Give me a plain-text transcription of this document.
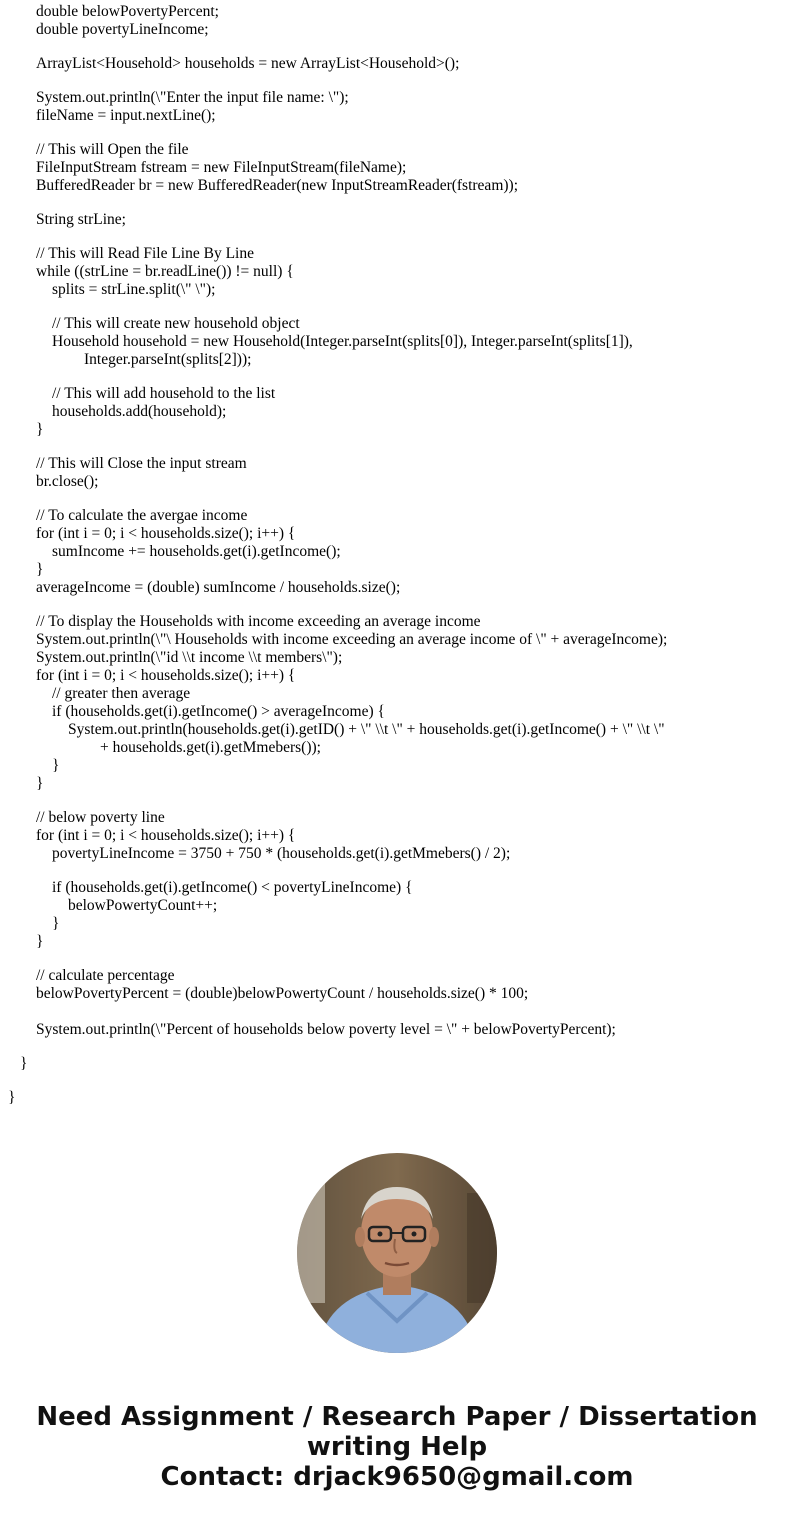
double belowPovertyPercent;

double povertyLineIncome;

ArrayList<Household> households = new ArrayList<Household>();

System.out.println(\"Enter the input file name: \");

fileName = input.nextLine();

// This will Open the file

FileInputStream fstream = new FileInputStream(fileName);

BufferedReader br = new BufferedReader(new InputStreamReader(fstream));

String strLine;

// This will Read File Line By Line

while ((strLine = br.readLine()) != null) {

splits = strLine.split(\" \");

// This will create new household object

Household household = new Household(Integer.parseInt(splits[0]), Integer.parseInt(splits[1]),

Integer.parseInt(splits[2]));

// This will add household to the list

households.add(household);

}

// This will Close the input stream

br.close();

// To calculate the avergae income

for (int i = 0; i < households.size(); i++) {

sumIncome += households.get(i).getIncome();

}

averageIncome = (double) sumIncome / households.size();

// To display the Households with income exceeding an average income

System.out.println(\"\ Households with income exceeding an average income of \" + averageIncome);

System.out.println(\"id \\t income \\t members\");

for (int i = 0; i < households.size(); i++) {

// greater then average

if (households.get(i).getIncome() > averageIncome) {

System.out.println(households.get(i).getID() + \" \\t \" + households.get(i).getIncome() + \" \\t \"

+ households.get(i).getMmebers());

}

}

// below poverty line

for (int i = 0; i < households.size(); i++) {

povertyLineIncome = 3750 + 750 * (households.get(i).getMmebers() / 2);

if (households.get(i).getIncome() < povertyLineIncome) {

belowPowertyCount++;

}

}

// calculate percentage

belowPovertyPercent = (double)belowPowertyCount / households.size() * 100;

System.out.println(\"Percent of households below poverty level = \" + belowPovertyPercent);

}

}

Need Assignment / Research Paper / Dissertation
writing Help
Contact: drjack9650@gmail.com
